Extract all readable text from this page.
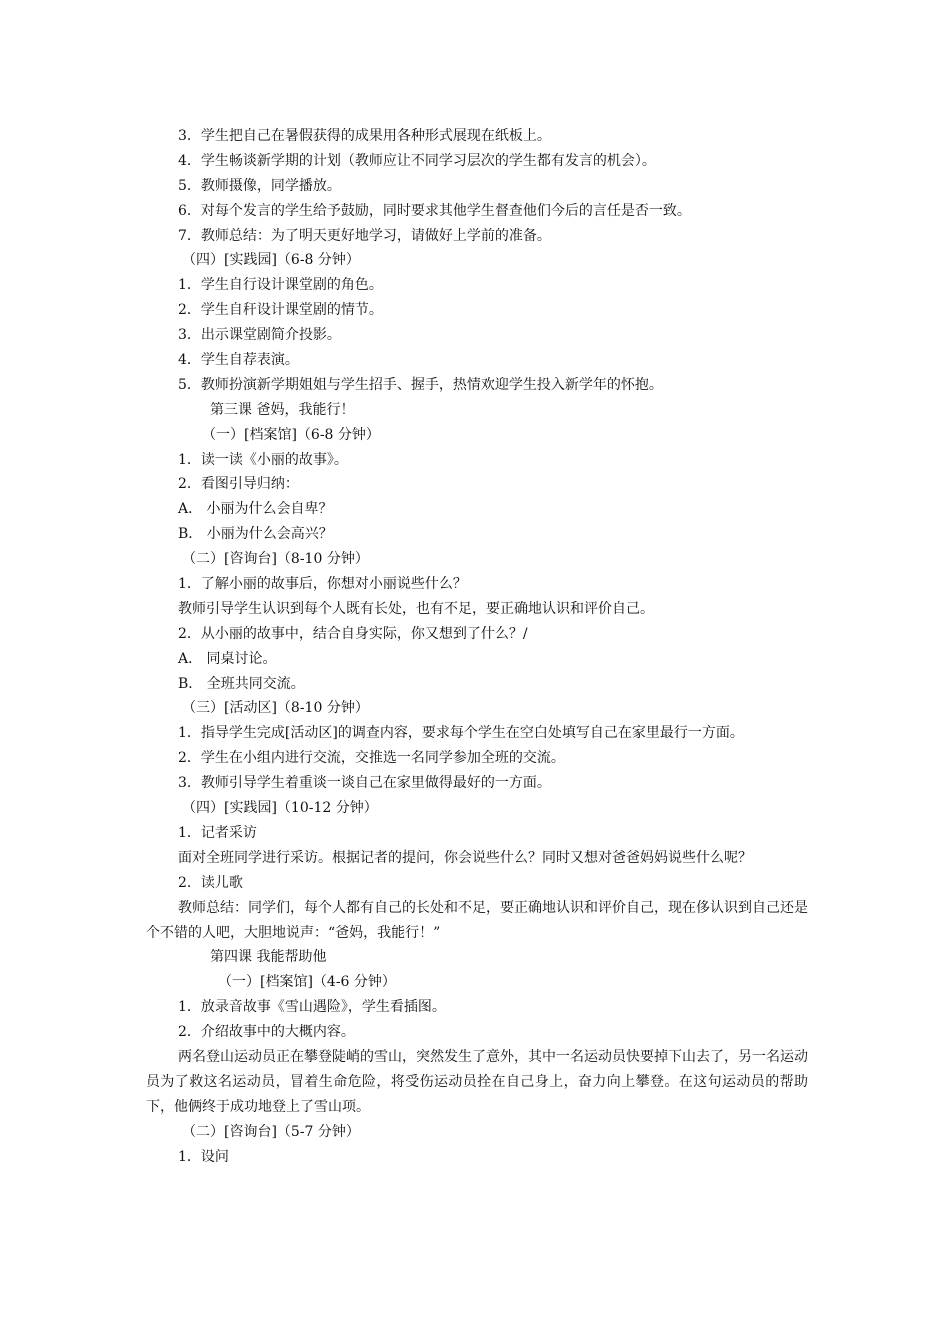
3．学生把自己在暑假获得的成果用各种形式展现在纸板上。
4．学生畅谈新学期的计划（教师应让不同学习层次的学生都有发言的机会）。
5．教师摄像，同学播放。
6．对每个发言的学生给予鼓励，同时要求其他学生督查他们今后的言任是否一致。
7．教师总结：为了明天更好地学习，请做好上学前的准备。
（四）[实践园]（6-8 分钟）
1．学生自行设计课堂剧的角色。
2．学生自秆设计课堂剧的情节。
3．出示课堂剧简介投影。
4．学生自荐表演。
5．教师扮演新学期姐姐与学生招手、握手，热情欢迎学生投入新学年的怀抱。
第三课 爸妈，我能行！
（一）[档案馆]（6-8 分钟）
1．读一读《小丽的故事》。
2．看图引导归纳：
A． 小丽为什么会自卑？
B． 小丽为什么会高兴？
（二）[咨询台]（8-10 分钟）
1．了解小丽的故事后，你想对小丽说些什么？
教师引导学生认识到每个人既有长处，也有不足，要正确地认识和评价自己。
2．从小丽的故事中，结合自身实际，你又想到了什么？/
A． 同桌讨论。
B． 全班共同交流。
（三）[活动区]（8-10 分钟）
1．指导学生完成[活动区]的调查内容，要求每个学生在空白处填写自己在家里最行一方面。
2．学生在小组内进行交流，交推选一名同学参加全班的交流。
3．教师引导学生着重谈一谈自己在家里做得最好的一方面。
（四）[实践园]（10-12 分钟）
1．记者采访
面对全班同学进行采访。根据记者的提问，你会说些什么？同时又想对爸爸妈妈说些什么呢？
2．读儿歌
教师总结：同学们，每个人都有自己的长处和不足，要正确地认识和评价自己，现在侈认识到自己还是个不错的人吧，大胆地说声：“爸妈，我能行！”
第四课 我能帮助他
（一）[档案馆]（4-6 分钟）
1．放录音故事《雪山遇险》，学生看插图。
2．介绍故事中的大概内容。
两名登山运动员正在攀登陡峭的雪山，突然发生了意外，其中一名运动员快要掉下山去了，另一名运动员为了救这名运动员，冒着生命危险，将受伤运动员拴在自己身上，奋力向上攀登。在这句运动员的帮助下，他俩终于成功地登上了雪山项。
（二）[咨询台]（5-7 分钟）
1．设问
